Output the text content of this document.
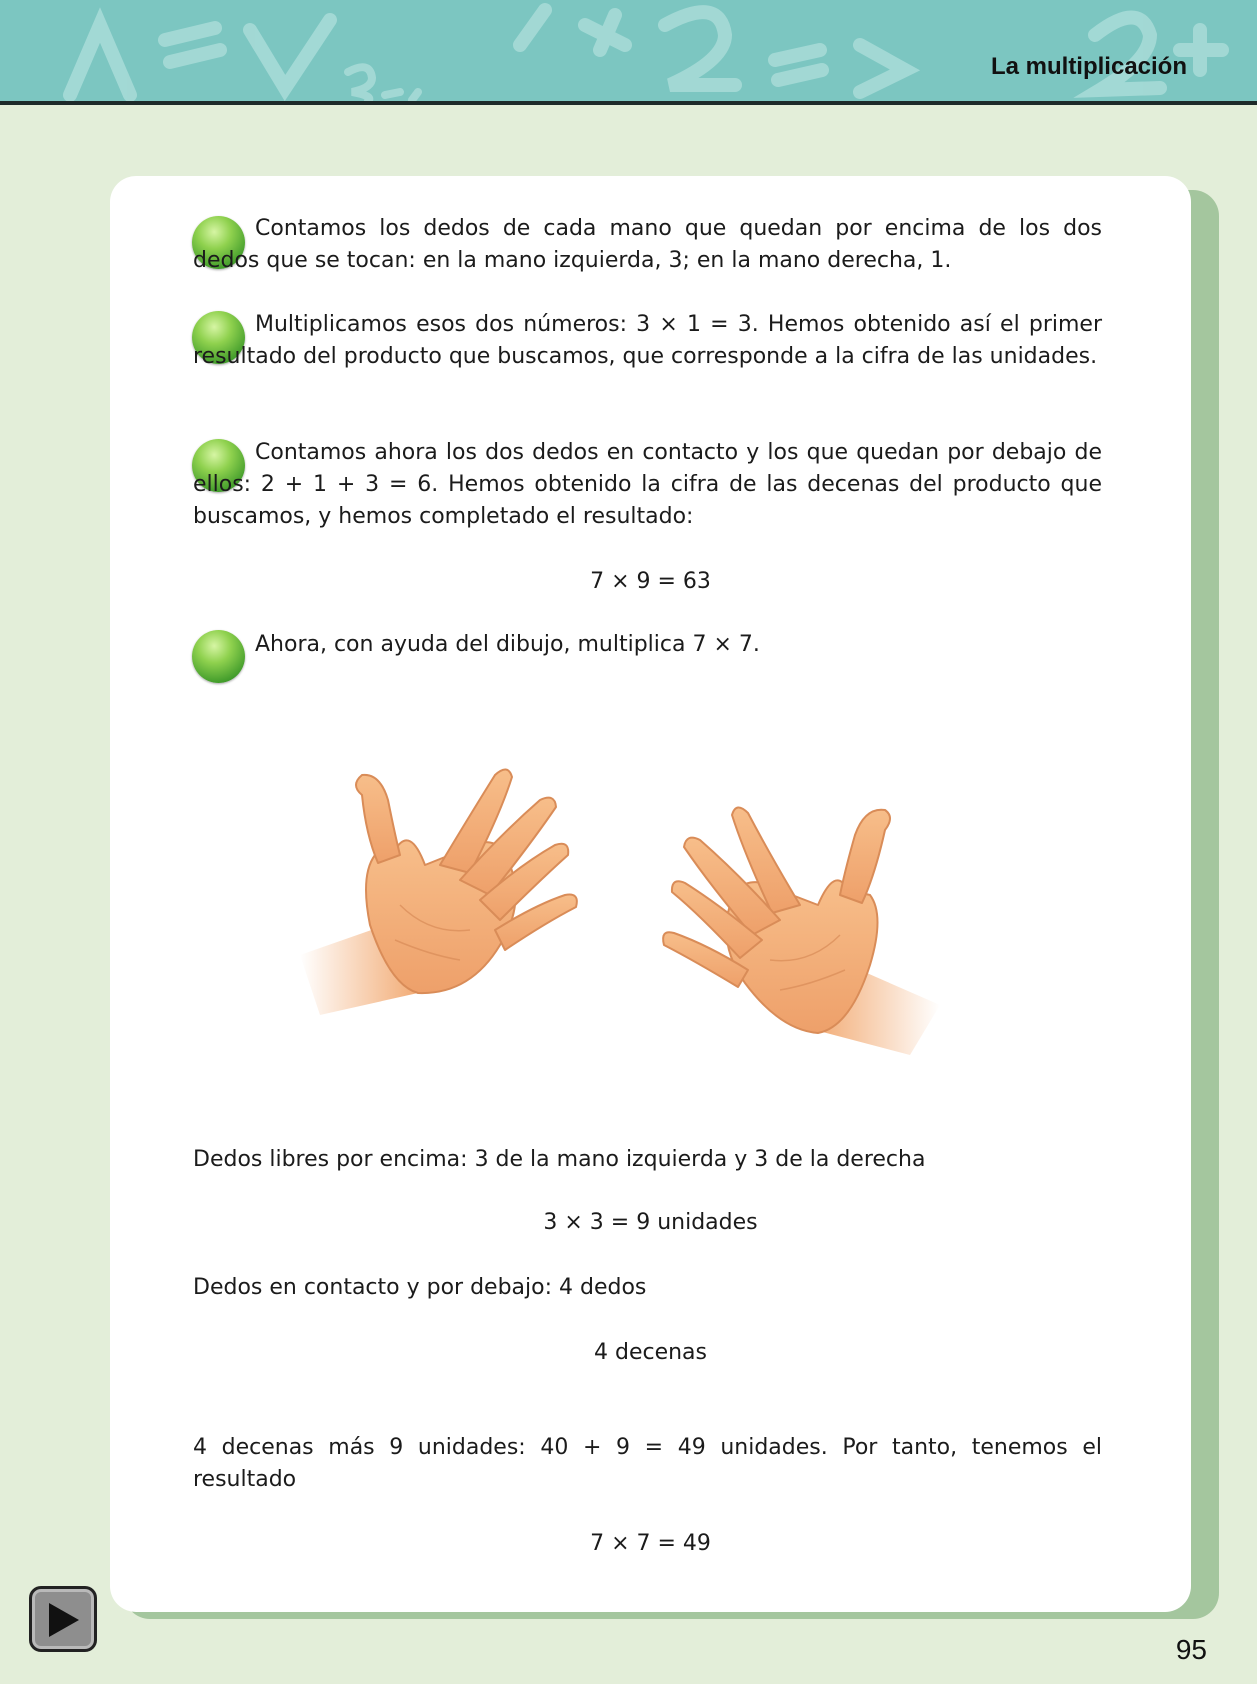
La multiplicación
Contamos los dedos de cada mano que quedan por encima de los dos dedos que se tocan: en la mano izquierda, 3; en la mano derecha, 1.
Multiplicamos esos dos números: 3 × 1 = 3. Hemos obtenido así el primer resultado del producto que buscamos, que corresponde a la cifra de las unidades.
Contamos ahora los dos dedos en contacto y los que quedan por debajo de ellos: 2 + 1 + 3 = 6. Hemos obtenido la cifra de las decenas del producto que buscamos, y hemos completado el resultado:
7 × 9 = 63
Ahora, con ayuda del dibujo, multiplica 7 × 7.
Dedos libres por encima: 3 de la mano izquierda y 3 de la derecha
3 × 3 = 9 unidades
Dedos en contacto y por debajo: 4 dedos
4 decenas
4 decenas más 9 unidades: 40 + 9 = 49 unidades. Por tanto, tenemos el resultado
7 × 7 = 49
95
